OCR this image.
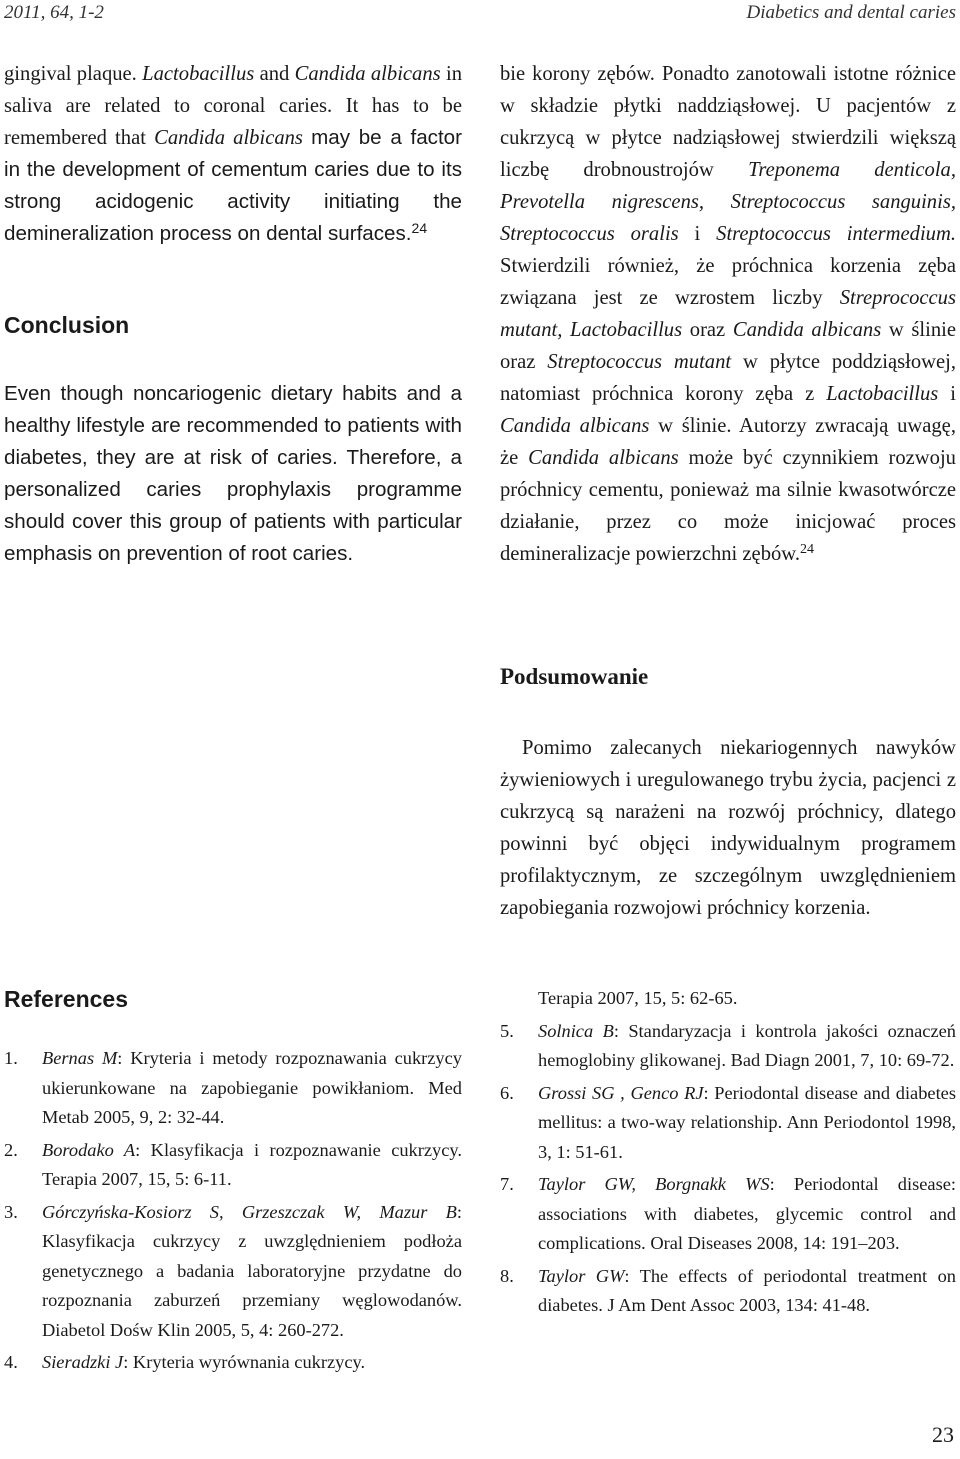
2011, 64, 1-2	Diabetics and dental caries

gingival plaque. Lactobacillus and Candida albicans in saliva are related to coronal caries. It has to be remembered that Candida albicans may be a factor in the development of cementum caries due to its strong acidogenic activity initiating the demineralization process on dental surfaces.$^{24}$

Conclusion

Even though noncariogenic dietary habits and a healthy lifestyle are recommended to patients with diabetes, they are at risk of caries. Therefore, a personalized caries prophylaxis programme should cover this group of patients with particular emphasis on prevention of root caries.

bie korony zębów. Ponadto zanotowali istotne różnice w składzie płytki naddziąsłowej. U pacjentów z cukrzycą w płytce nadziąsłowej stwierdzili większą liczbę drobnoustrojów Treponema denticola, Prevotella nigrescens, Streptococcus sanguinis, Streptococcus oralis i Streptococcus intermedium. Stwierdzili również, że próchnica korzenia zęba związana jest ze wzrostem liczby Streprococcus mutant, Lactobacillus oraz Candida albicans w ślinie oraz Streptococcus mutant w płytce poddziąsłowej, natomiast próchnica korony zęba z Lactobacillus i Candida albicans w ślinie. Autorzy zwracają uwagę, że Candida albicans może być czynnikiem rozwoju próchnicy cementu, ponieważ ma silnie kwasotwórcze działanie, przez co może inicjować proces demineralizacje powierzchni zębów.$^{24}$

Podsumowanie

Pomimo zalecanych niekariogennych nawyków żywieniowych i uregulowanego trybu życia, pacjenci z cukrzycą są narażeni na rozwój próchnicy, dlatego powinni być objęci indywidualnym programem profilaktycznym, ze szczególnym uwzględnieniem zapobiegania rozwojowi próchnicy korzenia.

References
1.	Bernas M: Kryteria i metody rozpoznawania cukrzycy ukierunkowane na zapobieganie powikłaniom. Med Metab 2005, 9, 2: 32-44.
2.	Borodako A: Klasyfikacja i rozpoznawanie cukrzycy. Terapia 2007, 15, 5: 6-11.
3.	Górczyńska-Kosiorz S, Grzeszczak W, Mazur B: Klasyfikacja cukrzycy z uwzględnieniem podłoża genetycznego a badania laboratoryjne przydatne do rozpoznania zaburzeń przemiany węglowodanów. Diabetol Dośw Klin 2005, 5, 4: 260-272.
4.	Sieradzki J: Kryteria wyrównania cukrzycy.
Terapia 2007, 15, 5: 62-65.
5.	Solnica B: Standaryzacja i kontrola jakości oznaczeń hemoglobiny glikowanej. Bad Diagn 2001, 7, 10: 69-72.
6.	Grossi SG , Genco RJ: Periodontal disease and diabetes mellitus: a two-way relationship. Ann Periodontol 1998, 3, 1: 51-61.
7.	Taylor GW, Borgnakk WS: Periodontal disease: associations with diabetes, glycemic control and complications. Oral Diseases 2008, 14: 191–203.
8.	Taylor GW: The effects of periodontal treatment on diabetes. J Am Dent Assoc 2003, 134: 41-48.
23
